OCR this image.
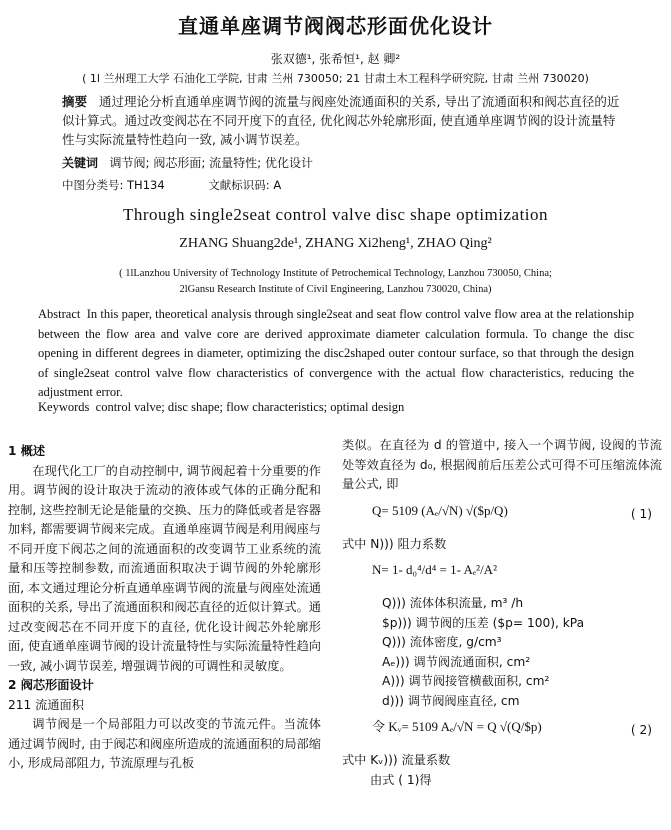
直通单座调节阀阀芯形面优化设计
张双德¹, 张希恒¹, 赵 卿²
( 1l 兰州理工大学 石油化工学院, 甘肃 兰州 730050; 21 甘肃土木工程科学研究院, 甘肃 兰州 730020)
摘要 通过理论分析直通单座调节阀的流量与阀座处流通面积的关系, 导出了流通面积和阀芯直径的近似计算式。通过改变阀芯在不同开度下的直径, 优化阀芯外轮廓形面, 使直通单座调节阀的设计流量特性与实际流量特性趋向一致, 减小调节误差。
关键词 调节阀; 阀芯形面; 流量特性; 优化设计
中图分类号: TH134	文献标识码: A
Through single2seat control valve disc shape optimization
ZHANG Shuang2de¹, ZHANG Xi2heng¹, ZHAO Qing²
( 1lLanzhou University of Technology Institute of Petrochemical Technology, Lanzhou 730050, China;
2lGansu Research Institute of Civil Engineering, Lanzhou 730020, China)
Abstract In this paper, theoretical analysis through single2seat and seat flow control valve flow area at the relationship between the flow area and valve core are derived approximate diameter calculation formula. To change the disc opening in different degrees in diameter, optimizing the disc2shaped outer contour surface, so that through the design of single2seat control valve flow characteristics of convergence with the actual flow characteristics, reducing the adjustment error.
Keywords control valve; disc shape; flow characteristics; optimal design

1 概述

在现代化工厂的自动控制中, 调节阀起着十分重要的作用。调节阀的设计取决于流动的液体或气体的正确分配和控制, 这些控制无论是能量的交换、压力的降低或者是容器加料, 都需要调节阀来完成。直通单座调节阀是利用阀座与不同开度下阀芯之间的流通面积的改变调节工业系统的流量和压等控制参数, 而流通面积取决于调节阀的外轮廓形面, 本文通过理论分析直通单座调节阀的流量与阀座处流通面积的关系, 导出了流通面积和阀芯直径的近似计算式。通过改变阀芯在不同开度下的直径, 优化设计阀芯外轮廓形面, 使直通单座调节阀的设计流量特性与实际流量特性趋向一致, 减小调节误差, 增强调节阀的可调性和灵敏度。

2 阀芯形面设计

211 流通面积

调节阀是一个局部阻力可以改变的节流元件。当流体通过调节阀时, 由于阀芯和阀座所造成的流通面积的局部缩小, 形成局部阻力, 节流原理与孔板

类似。在直径为 d 的管道中, 接入一个调节阀, 设阀的节流处等效直径为 d₀, 根据阀前后压差公式可得不可压缩流体流量公式, 即

Q= 5109 (Aₑ/√N) √($p/Q)	( 1)

式中 N))) 阻力系数

N= 1- d₀⁴/d⁴ = 1- Aₑ²/A²
Q))) 流体体积流量, m³ /h
$p))) 调节阀的压差 ($p= 100), kPa
Q))) 流体密度, g/cm³
Aₑ))) 调节阀流通面积, cm²
A))) 调节阀接管横截面积, cm²
d))) 调节阀阀座直径, cm
令 Kᵥ= 5109 Aₑ/√N = Q √(Q/$p)	( 2)

式中 Kᵥ))) 流量系数

由式 ( 1)得
